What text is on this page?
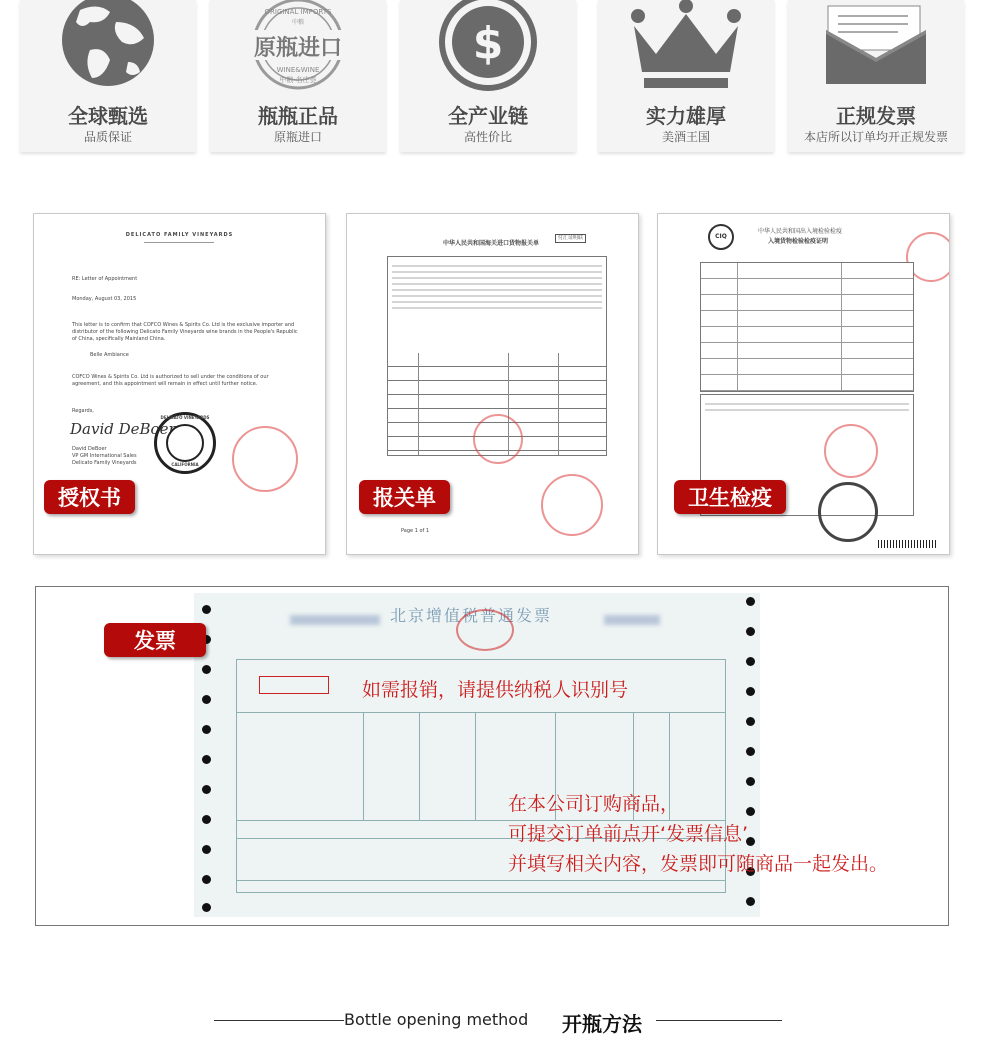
全球甄选
品质保证
原瓶进口
ORIGINAL IMPORTS
中粮
WINE&WINE
中粮·名庄荟
瓶瓶正品
原瓶进口
$
全产业链
高性价比
实力雄厚
美酒王国
正规发票
本店所以订单均开正规发票
DELICATO FAMILY VINEYARDS
RE: Letter of Appointment
Monday, August 03, 2015
This letter is to confirm that COFCO Wines & Spirits Co. Ltd is the exclusive importer and distributor of the following Delicato Family Vineyards wine brands in the People's Republic of China, specifically Mainland China.
Belle Ambiance
COFCO Wines & Spirits Co. Ltd is authorized to sell under the conditions of our agreement, and this appointment will remain in effect until further notice.
Regards,
David DeBoer
David DeBoer
VP GM International Sales
Delicato Family Vineyards
DELICATO VINEYARDS
CALIFORNIA
授权书
中华人民共和国海关进口货物报关单
付汇证明联
Page 1 of 1
报关单
CIQ
中华人民共和国出入境检验检疫
入境货物检验检疫证明
卫生检疫
北京增值税普通发票
发票
如需报销，请提供纳税人识别号
在本公司订购商品，
可提交订单前点开‘发票信息’
并填写相关内容，发票即可随商品一起发出。
Bottle opening method 开瓶方法
